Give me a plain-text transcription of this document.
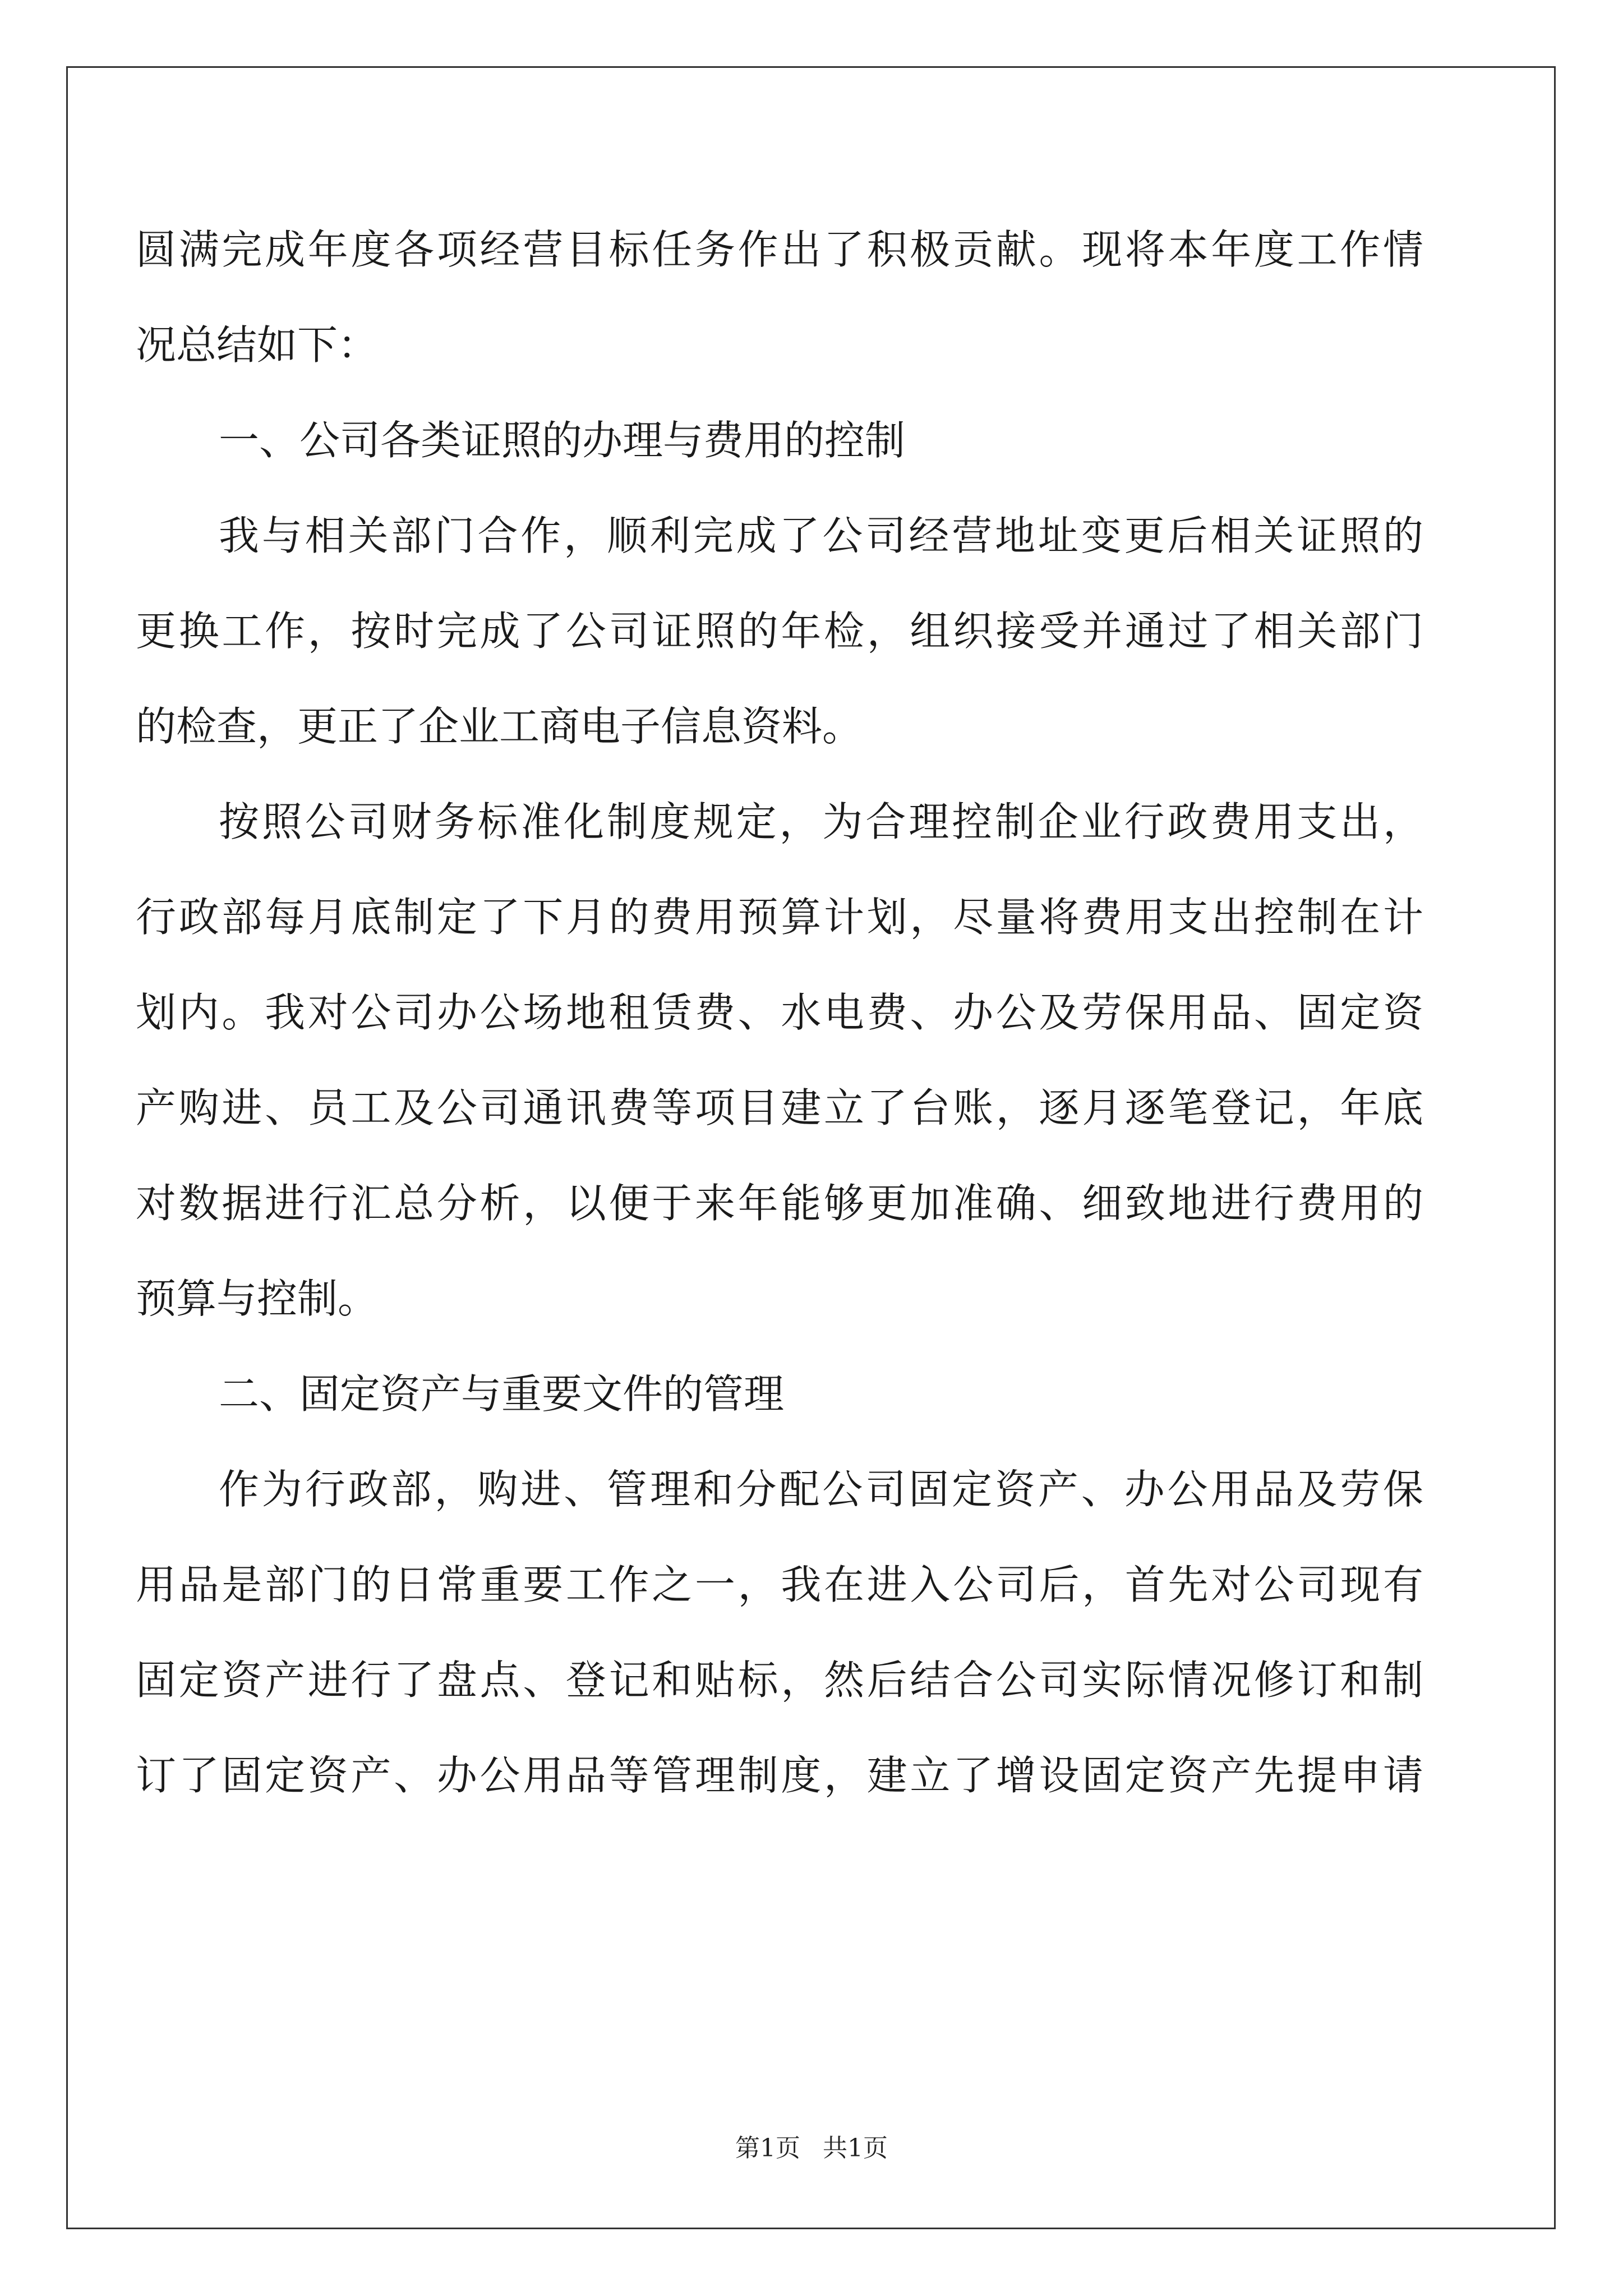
圆满完成年度各项经营目标任务作出了积极贡献。现将本年度工作情
况总结如下：
一、公司各类证照的办理与费用的控制
我与相关部门合作，顺利完成了公司经营地址变更后相关证照的
更换工作，按时完成了公司证照的年检，组织接受并通过了相关部门
的检查，更正了企业工商电子信息资料。
按照公司财务标准化制度规定，为合理控制企业行政费用支出，
行政部每月底制定了下月的费用预算计划，尽量将费用支出控制在计
划内。我对公司办公场地租赁费、水电费、办公及劳保用品、固定资
产购进、员工及公司通讯费等项目建立了台账，逐月逐笔登记，年底
对数据进行汇总分析，以便于来年能够更加准确、细致地进行费用的
预算与控制。
二、固定资产与重要文件的管理
作为行政部，购进、管理和分配公司固定资产、办公用品及劳保
用品是部门的日常重要工作之一，我在进入公司后，首先对公司现有
固定资产进行了盘点、登记和贴标，然后结合公司实际情况修订和制
订了固定资产、办公用品等管理制度，建立了增设固定资产先提申请
第1页 共1页
